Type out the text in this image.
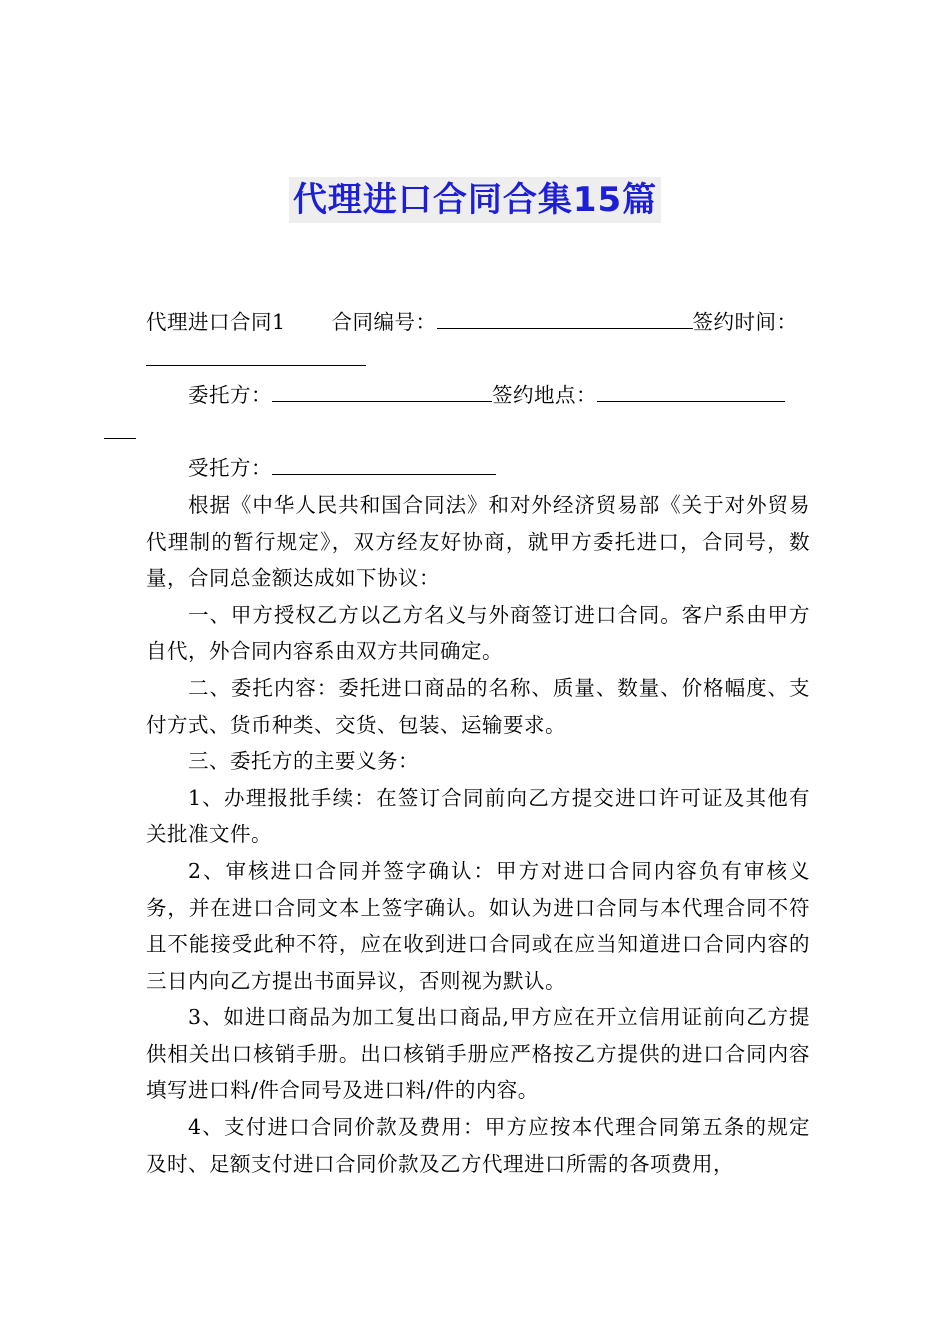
代理进口合同合集15篇

代理进口合同1 合同编号：	签约时间：

委托方：	签约地点：

受托方：

根据《中华人民共和国合同法》和对外经济贸易部《关于对外贸易代理制的暂行规定》，双方经友好协商，就甲方委托进口，合同号，数量，合同总金额达成如下协议：

一、甲方授权乙方以乙方名义与外商签订进口合同。客户系由甲方自代，外合同内容系由双方共同确定。

二、委托内容：委托进口商品的名称、质量、数量、价格幅度、支付方式、货币种类、交货、包装、运输要求。

三、委托方的主要义务：

1、办理报批手续：在签订合同前向乙方提交进口许可证及其他有关批准文件。

2、审核进口合同并签字确认：甲方对进口合同内容负有审核义务，并在进口合同文本上签字确认。如认为进口合同与本代理合同不符且不能接受此种不符，应在收到进口合同或在应当知道进口合同内容的三日内向乙方提出书面异议，否则视为默认。

3、如进口商品为加工复出口商品,甲方应在开立信用证前向乙方提供相关出口核销手册。出口核销手册应严格按乙方提供的进口合同内容填写进口料/件合同号及进口料/件的内容。

4、支付进口合同价款及费用：甲方应按本代理合同第五条的规定及时、足额支付进口合同价款及乙方代理进口所需的各项费用，
